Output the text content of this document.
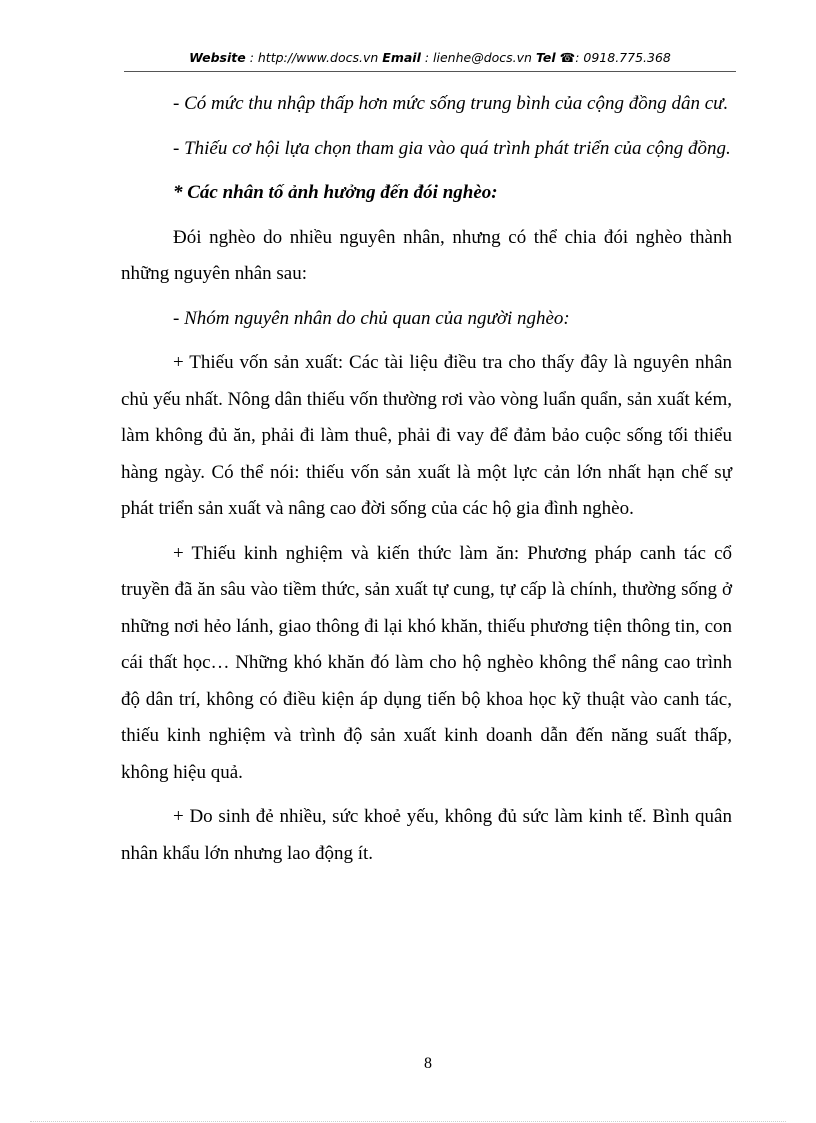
Website : http://www.docs.vn Email : lienhe@docs.vn Tel ☎: 0918.775.368

- Có mức thu nhập thấp hơn mức sống trung bình của cộng đồng dân cư.

- Thiếu cơ hội lựa chọn tham gia vào quá trình phát triển của cộng đồng.

* Các nhân tố ảnh hưởng đến đói nghèo:

Đói nghèo do nhiều nguyên nhân, nhưng có thể chia đói nghèo thành những nguyên nhân sau:

- Nhóm nguyên nhân do chủ quan của người nghèo:

+ Thiếu vốn sản xuất: Các tài liệu điều tra cho thấy đây là nguyên nhân chủ yếu nhất. Nông dân thiếu vốn thường rơi vào vòng luẩn quẩn, sản xuất kém, làm không đủ ăn, phải đi làm thuê, phải đi vay để đảm bảo cuộc sống tối thiểu hàng ngày. Có thể nói: thiếu vốn sản xuất là một lực cản lớn nhất hạn chế sự phát triển sản xuất và nâng cao đời sống của các hộ gia đình nghèo.

+ Thiếu kinh nghiệm và kiến thức làm ăn: Phương pháp canh tác cổ truyền đã ăn sâu vào tiềm thức, sản xuất tự cung, tự cấp là chính, thường sống ở những nơi hẻo lánh, giao thông đi lại khó khăn, thiếu phương tiện thông tin, con cái thất học… Những khó khăn đó làm cho hộ nghèo không thể nâng cao trình độ dân trí, không có điều kiện áp dụng tiến bộ khoa học kỹ thuật vào canh tác, thiếu kinh nghiệm và trình độ sản xuất kinh doanh dẫn đến năng suất thấp, không hiệu quả.

+ Do sinh đẻ nhiều, sức khoẻ yếu, không đủ sức làm kinh tế. Bình quân nhân khẩu lớn nhưng lao động ít.

8
